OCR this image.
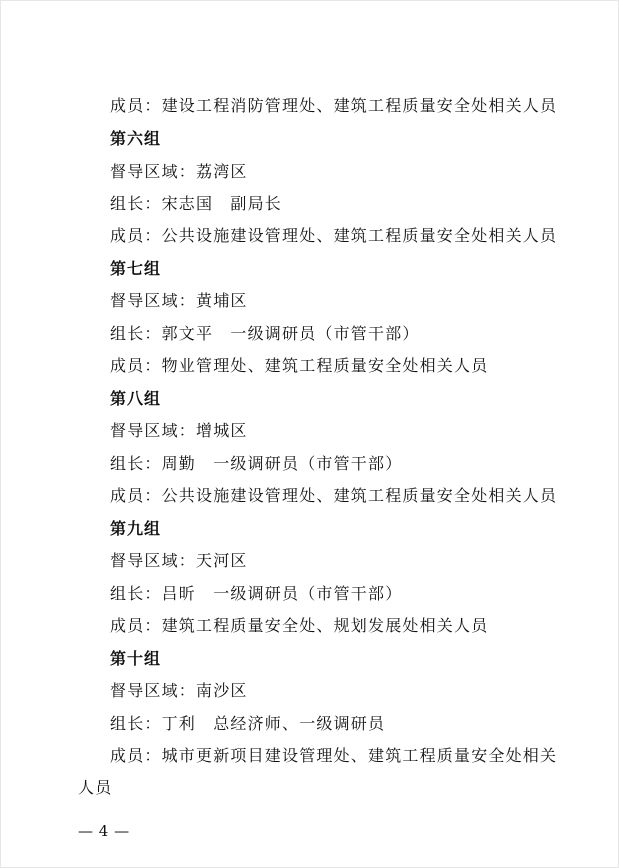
成员：建设工程消防管理处、建筑工程质量安全处相关人员
第六组
督导区域：荔湾区
组长：宋志国　副局长
成员：公共设施建设管理处、建筑工程质量安全处相关人员
第七组
督导区域：黄埔区
组长：郭文平　一级调研员（市管干部）
成员：物业管理处、建筑工程质量安全处相关人员
第八组
督导区域：增城区
组长：周勤　一级调研员（市管干部）
成员：公共设施建设管理处、建筑工程质量安全处相关人员
第九组
督导区域：天河区
组长：吕昕　一级调研员（市管干部）
成员：建筑工程质量安全处、规划发展处相关人员
第十组
督导区域：南沙区
组长：丁利　总经济师、一级调研员
成员：城市更新项目建设管理处、建筑工程质量安全处相关
人员
— 4 —
